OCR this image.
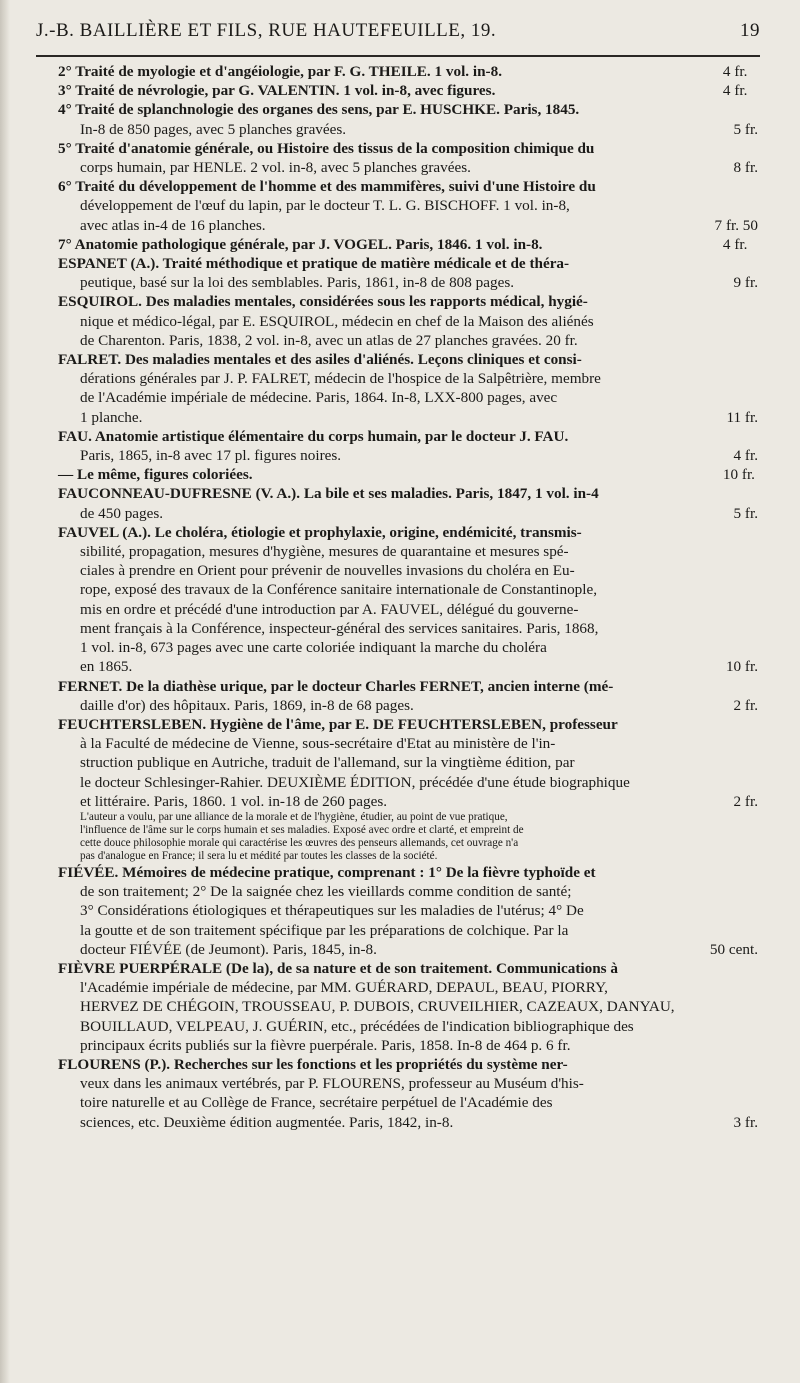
J.-B. BAILLIÈRE ET FILS, RUE HAUTEFEUILLE, 19.	19
4 fr.
2° Traité de myologie et d'angéiologie, par F. G. THEILE. 1 vol. in-8.
4 fr.
3° Traité de névrologie, par G. VALENTIN. 1 vol. in-8, avec figures.
4° Traité de splanchnologie des organes des sens, par E. HUSCHKE. Paris, 1845.
5 fr.
In-8 de 850 pages, avec 5 planches gravées.
5° Traité d'anatomie générale, ou Histoire des tissus de la composition chimique du
8 fr.
corps humain, par HENLE. 2 vol. in-8, avec 5 planches gravées.
6° Traité du développement de l'homme et des mammifères, suivi d'une Histoire du
développement de l'œuf du lapin, par le docteur T. L. G. BISCHOFF. 1 vol. in-8,
7 fr. 50
avec atlas in-4 de 16 planches.
4 fr.
7° Anatomie pathologique générale, par J. VOGEL. Paris, 1846. 1 vol. in-8.
ESPANET (A.). Traité méthodique et pratique de matière médicale et de théra-
9 fr.
peutique, basé sur la loi des semblables. Paris, 1861, in-8 de 808 pages.
ESQUIROL. Des maladies mentales, considérées sous les rapports médical, hygié-
nique et médico-légal, par E. ESQUIROL, médecin en chef de la Maison des aliénés
de Charenton. Paris, 1838, 2 vol. in-8, avec un atlas de 27 planches gravées. 20 fr.
FALRET. Des maladies mentales et des asiles d'aliénés. Leçons cliniques et consi-
dérations générales par J. P. FALRET, médecin de l'hospice de la Salpêtrière, membre
de l'Académie impériale de médecine. Paris, 1864. In-8, LXX-800 pages, avec
11 fr.
1 planche.
FAU. Anatomie artistique élémentaire du corps humain, par le docteur J. FAU.
4 fr.
Paris, 1865, in-8 avec 17 pl. figures noires.
10 fr.
— Le même, figures coloriées.
FAUCONNEAU-DUFRESNE (V. A.). La bile et ses maladies. Paris, 1847, 1 vol. in-4
5 fr.
de 450 pages.
FAUVEL (A.). Le choléra, étiologie et prophylaxie, origine, endémicité, transmis-
sibilité, propagation, mesures d'hygiène, mesures de quarantaine et mesures spé-
ciales à prendre en Orient pour prévenir de nouvelles invasions du choléra en Eu-
rope, exposé des travaux de la Conférence sanitaire internationale de Constantinople,
mis en ordre et précédé d'une introduction par A. FAUVEL, délégué du gouverne-
ment français à la Conférence, inspecteur-général des services sanitaires. Paris, 1868,
1 vol. in-8, 673 pages avec une carte coloriée indiquant la marche du choléra
10 fr.
en 1865.
FERNET. De la diathèse urique, par le docteur Charles FERNET, ancien interne (mé-
2 fr.
daille d'or) des hôpitaux. Paris, 1869, in-8 de 68 pages.
FEUCHTERSLEBEN. Hygiène de l'âme, par E. DE FEUCHTERSLEBEN, professeur
à la Faculté de médecine de Vienne, sous-secrétaire d'Etat au ministère de l'in-
struction publique en Autriche, traduit de l'allemand, sur la vingtième édition, par
le docteur Schlesinger-Rahier. DEUXIÈME ÉDITION, précédée d'une étude biographique
2 fr.
et littéraire. Paris, 1860. 1 vol. in-18 de 260 pages.
L'auteur a voulu, par une alliance de la morale et de l'hygiène, étudier, au point de vue pratique,
l'influence de l'âme sur le corps humain et ses maladies. Exposé avec ordre et clarté, et empreint de
cette douce philosophie morale qui caractérise les œuvres des penseurs allemands, cet ouvrage n'a
pas d'analogue en France; il sera lu et médité par toutes les classes de la société.
FIÉVÉE. Mémoires de médecine pratique, comprenant : 1° De la fièvre typhoïde et
de son traitement; 2° De la saignée chez les vieillards comme condition de santé;
3° Considérations étiologiques et thérapeutiques sur les maladies de l'utérus; 4° De
la goutte et de son traitement spécifique par les préparations de colchique. Par la
50 cent.
docteur FIÉVÉE (de Jeumont). Paris, 1845, in-8.
FIÈVRE PUERPÉRALE (De la), de sa nature et de son traitement. Communications à
l'Académie impériale de médecine, par MM. GUÉRARD, DEPAUL, BEAU, PIORRY,
HERVEZ DE CHÉGOIN, TROUSSEAU, P. DUBOIS, CRUVEILHIER, CAZEAUX, DANYAU,
BOUILLAUD, VELPEAU, J. GUÉRIN, etc., précédées de l'indication bibliographique des
principaux écrits publiés sur la fièvre puerpérale. Paris, 1858. In-8 de 464 p. 6 fr.
FLOURENS (P.). Recherches sur les fonctions et les propriétés du système ner-
veux dans les animaux vertébrés, par P. FLOURENS, professeur au Muséum d'his-
toire naturelle et au Collège de France, secrétaire perpétuel de l'Académie des
3 fr.
sciences, etc. Deuxième édition augmentée. Paris, 1842, in-8.
